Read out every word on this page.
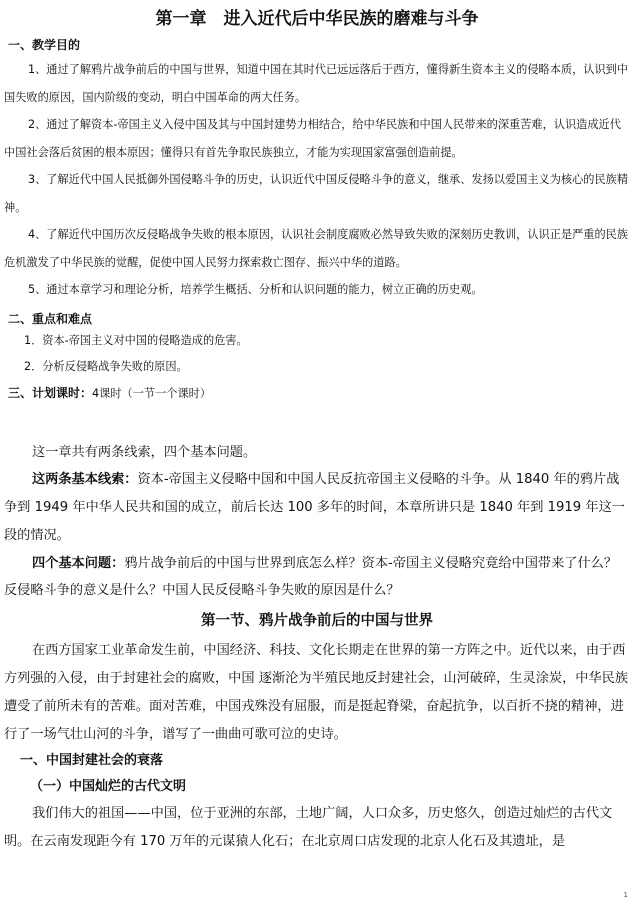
第一章　进入近代后中华民族的磨难与斗争
一、教学目的
1、通过了解鸦片战争前后的中国与世界，知道中国在其时代已远远落后于西方，懂得新生资本主义的侵略本质，认识到中国失败的原因，国内阶级的变动，明白中国革命的两大任务。
2、通过了解资本-帝国主义入侵中国及其与中国封建势力相结合，给中华民族和中国人民带来的深重苦难，认识造成近代中国社会落后贫困的根本原因；懂得只有首先争取民族独立，才能为实现国家富强创造前提。
3、了解近代中国人民抵御外国侵略斗争的历史，认识近代中国反侵略斗争的意义，继承、发扬以爱国主义为核心的民族精神。
4、了解近代中国历次反侵略战争失败的根本原因，认识社会制度腐败必然导致失败的深刻历史教训，认识正是严重的民族危机激发了中华民族的觉醒，促使中国人民努力探索救亡图存、振兴中华的道路。
5、通过本章学习和理论分析，培养学生概括、分析和认识问题的能力，树立正确的历史观。
二、重点和难点
1．资本-帝国主义对中国的侵略造成的危害。
2．分析反侵略战争失败的原因。
三、计划课时：4课时（一节一个课时）
这一章共有两条线索，四个基本问题。
这两条基本线索：资本-帝国主义侵略中国和中国人民反抗帝国主义侵略的斗争。从 1840 年的鸦片战争到 1949 年中华人民共和国的成立，前后长达 100 多年的时间，本章所讲只是 1840 年到 1919 年这一段的情况。
四个基本问题：鸦片战争前后的中国与世界到底怎么样？资本-帝国主义侵略究竟给中国带来了什么？反侵略斗争的意义是什么？中国人民反侵略斗争失败的原因是什么？
第一节、鸦片战争前后的中国与世界
在西方国家工业革命发生前，中国经济、科技、文化长期走在世界的第一方阵之中。近代以来，由于西方列强的入侵，由于封建社会的腐败，中国 逐渐沦为半殖民地反封建社会，山河破碎，生灵涂炭，中华民族遭受了前所未有的苦难。面对苦难，中国戎殊没有屈服，而是挺起脊梁，奋起抗争，以百折不挠的精神，进行了一场气壮山河的斗争，谱写了一曲曲可歌可泣的史诗。
一、中国封建社会的衰落
（一）中国灿烂的古代文明
我们伟大的祖国——中国，位于亚洲的东部，土地广阔，人口众多，历史悠久，创造过灿烂的古代文明。在云南发现距今有 170 万年的元谋猿人化石；在北京周口店发现的北京人化石及其遗址，是
1
